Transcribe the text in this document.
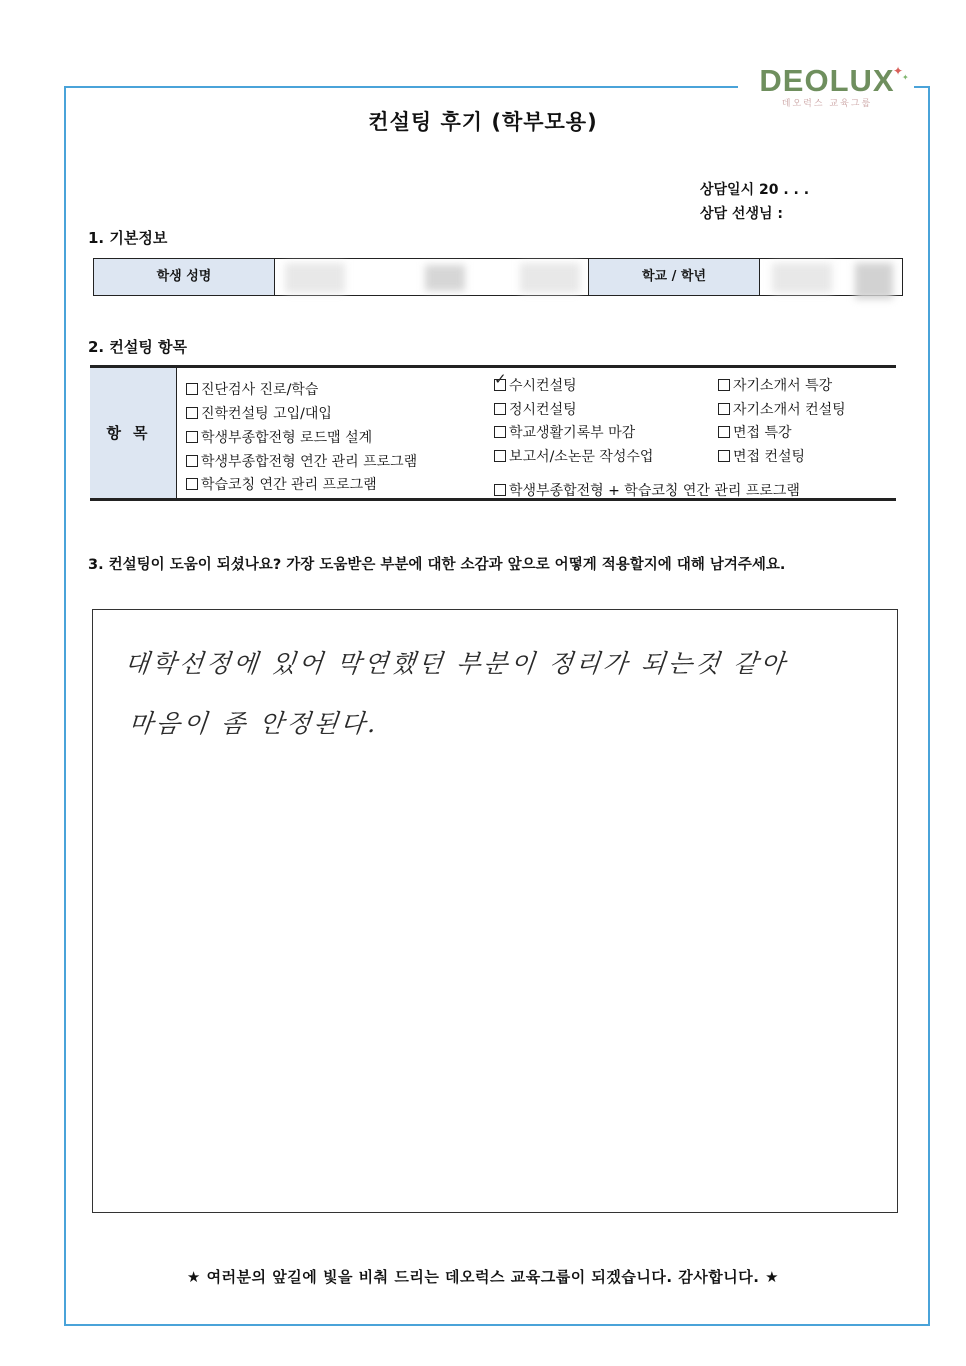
DEOLUX
데오럭스 교육그룹
✦
✦
컨설팅 후기 (학부모용)
상담일시 20 . . .
상담 선생님 :
1. 기본정보
학생 성명	학교 / 학년
2. 컨설팅 항목
항목
진단검사 진로/학습
진학컨설팅 고입/대입
학생부종합전형 로드맵 설계
학생부종합전형 연간 관리 프로그램
학습코칭 연간 관리 프로그램
✓ 수시컨설팅
정시컨설팅
학교생활기록부 마감
보고서/소논문 작성수업
학생부종합전형 + 학습코칭 연간 관리 프로그램
자기소개서 특강
자기소개서 컨설팅
면접 특강
면접 컨설팅
3. 컨설팅이 도움이 되셨나요? 가장 도움받은 부분에 대한 소감과 앞으로 어떻게 적용할지에 대해 남겨주세요.
대학선정에 있어 막연했던 부분이 정리가 되는것 같아
마음이 좀 안정된다.
★ 여러분의 앞길에 빛을 비춰 드리는 데오럭스 교육그룹이 되겠습니다. 감사합니다. ★
